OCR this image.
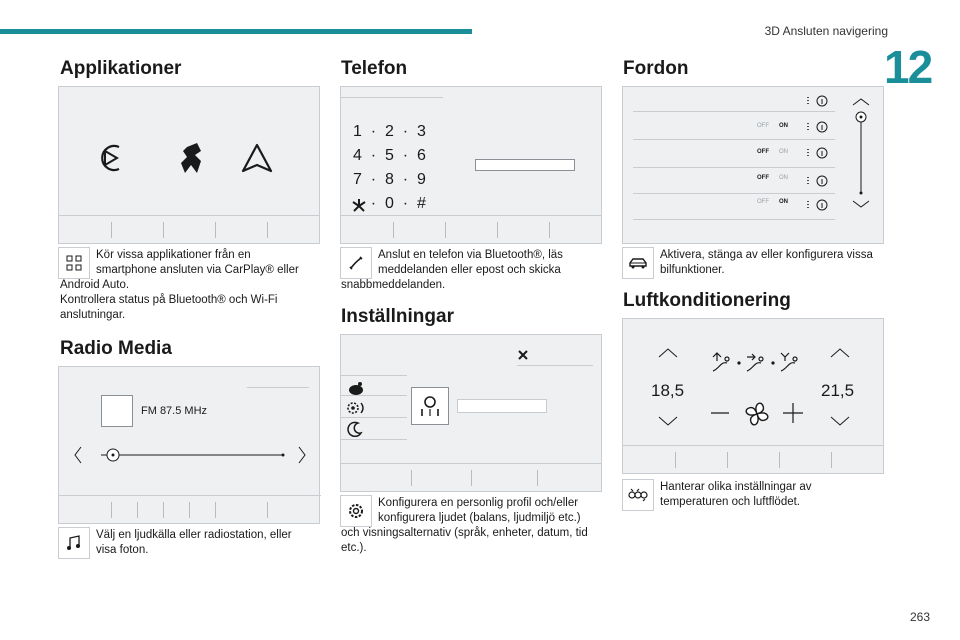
3D Ansluten navigering
12
Applikationer
Kör vissa applikationer från en
smartphone ansluten via CarPlay® eller
Android Auto.
Kontrollera status på Bluetooth® och Wi-Fi
anslutningar.
Radio Media
FM 87.5 MHz
Välj en ljudkälla eller radiostation, eller
visa foton.
Telefon
1  ·  2  ·  3
4  ·  5  ·  6
7  ·  8  ·  9
·  0  ·  #
Anslut en telefon via Bluetooth®, läs
meddelanden eller epost och skicka
snabbmeddelanden.
Inställningar
Konfigurera en personlig profil och/eller
konfigurera ljudet (balans, ljudmiljö etc.)
och visningsalternativ (språk, enheter, datum, tid
etc.).
Fordon
OFF ON
OFF ON
OFF ON
OFF ON
Aktivera, stänga av eller konfigurera vissa
bilfunktioner.
Luftkonditionering
18,5	21,5
Hanterar olika inställningar av
temperaturen och luftflödet.
263
